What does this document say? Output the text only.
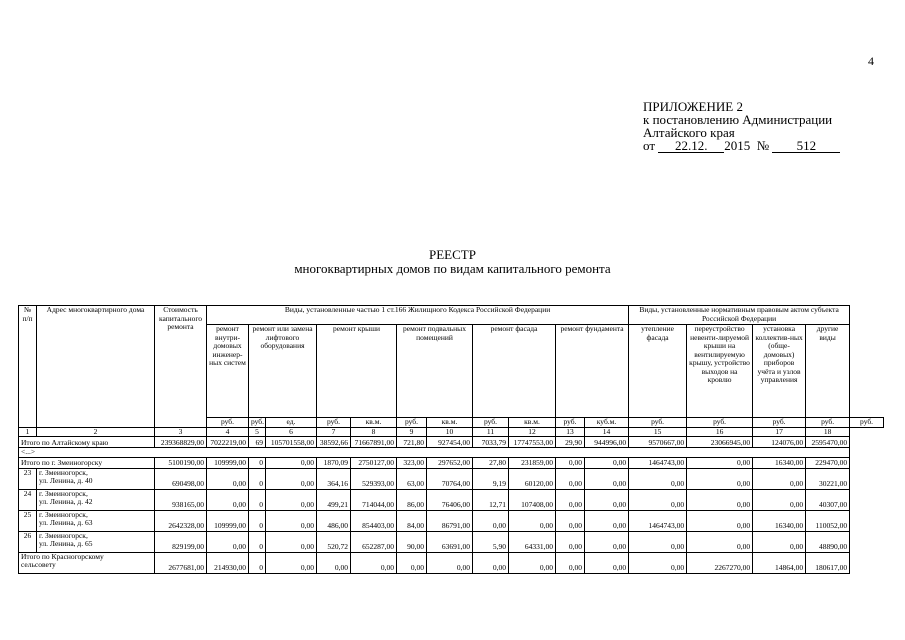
4
ПРИЛОЖЕНИЕ 2
к постановлению Администрации
Алтайского края
от 22.12. 2015 № 512
РЕЕСТР
многоквартирных домов по видам капитального ремонта
№ п/п	Адрес многоквартирного дома	Стоимость капитального ремонта	Виды, установленные частью 1 ст.166 Жилищного Кодекса Российской Федерации											Виды, установленные нормативным правовым актом субъекта Российской Федерации				
			ремонт внутри-домовых инженер-ных систем	ремонт или замена лифтового оборудования		ремонт крыши		ремонт подвальных помещений		ремонт фасада		ремонт фундамента		утепление фасада	переустройство невенти-лируемой крыши на вентилируемую крышу, устройство выходов на кровлю	установка коллектив-ных (обще-домовых) приборов учёта и узлов управления	другие виды	
			руб.	руб.	ед.	руб.	кв.м.	руб.	кв.м.	руб.	кв.м.	руб.	куб.м.	руб.	руб.	руб.	руб.	руб.
1	2	3	4	5	6	7	8	9	10	11	12	13	14	15	16	17	18	
Итого по Алтайскому краю		239368829,00	7022219,00	69	105701558,00	38592,66	71667891,00	721,80	927454,00	7033,79	17747553,00	29,90	944996,00	9570667,00	23066945,00	124076,00	2595470,00	
<...>																		
Итого по г. Змеиногорску		5100190,00	109999,00	0	0,00	1870,09	2750127,00	323,00	297652,00	27,80	231859,00	0,00	0,00	1464743,00	0,00	16340,00	229470,00	
23	г. Змеиногорск,
ул. Ленина, д. 40	690498,00	0,00	0	0,00	364,16	529393,00	63,00	70764,00	9,19	60120,00	0,00	0,00	0,00	0,00	0,00	30221,00	
24	г. Змеиногорск,
ул. Ленина, д. 42	938165,00	0,00	0	0,00	499,21	714044,00	86,00	76406,00	12,71	107408,00	0,00	0,00	0,00	0,00	0,00	40307,00	
25	г. Змеиногорск,
ул. Ленина, д. 63	2642328,00	109999,00	0	0,00	486,00	854403,00	84,00	86791,00	0,00	0,00	0,00	0,00	1464743,00	0,00	16340,00	110052,00	
26	г. Змеиногорск,
ул. Ленина, д. 65	829199,00	0,00	0	0,00	520,72	652287,00	90,00	63691,00	5,90	64331,00	0,00	0,00	0,00	0,00	0,00	48890,00	
Итого по Красногорскому
сельсовету		2677681,00	214930,00	0	0,00	0,00	0,00	0,00	0,00	0,00	0,00	0,00	0,00	0,00	2267270,00	14864,00	180617,00	
